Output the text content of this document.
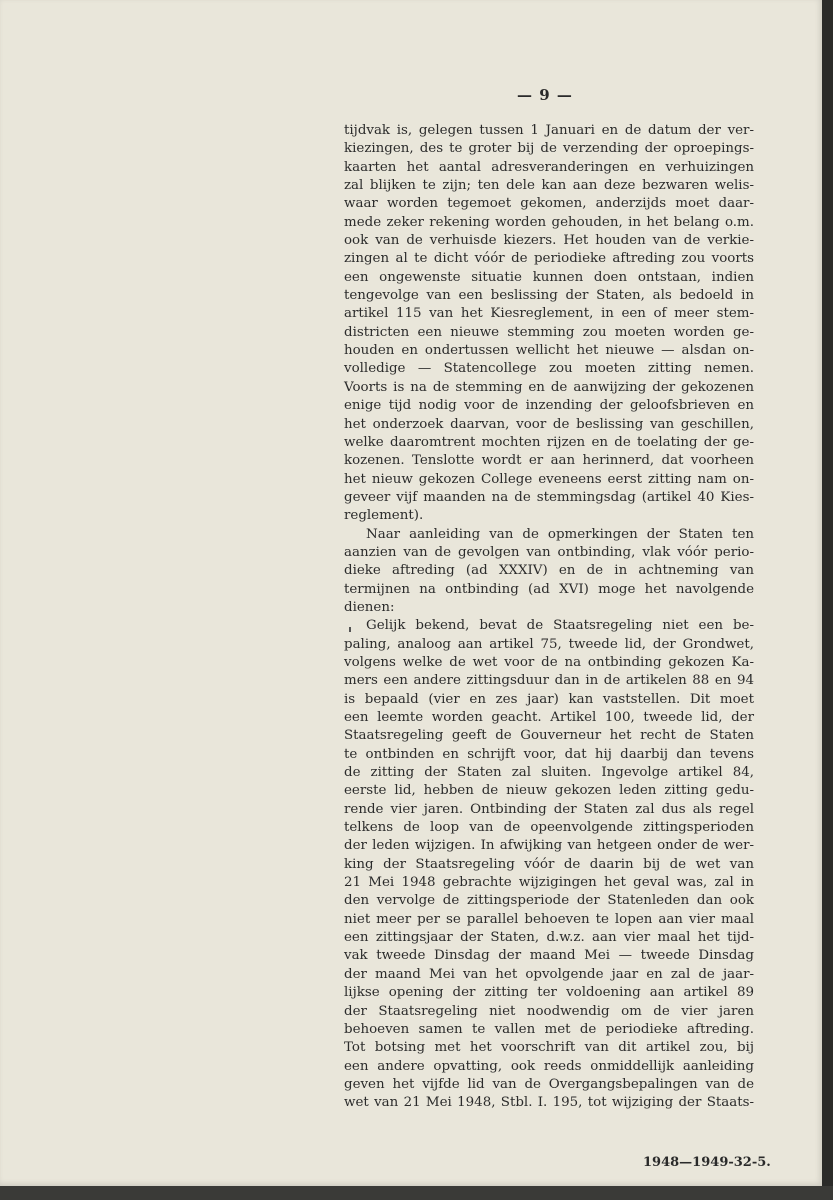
— 9 —
tijdvak is, gelegen tussen 1 Januari en de datum der ver-
kiezingen, des te groter bij de verzending der oproepings-
kaarten het aantal adresveranderingen en verhuizingen
zal blijken te zijn; ten dele kan aan deze bezwaren welis-
waar worden tegemoet gekomen, anderzijds moet daar-
mede zeker rekening worden gehouden, in het belang o.m.
ook van de verhuisde kiezers. Het houden van de verkie-
zingen al te dicht vóór de periodieke aftreding zou voorts
een ongewenste situatie kunnen doen ontstaan, indien
tengevolge van een beslissing der Staten, als bedoeld in
artikel 115 van het Kiesreglement, in een of meer stem-
districten een nieuwe stemming zou moeten worden ge-
houden en ondertussen wellicht het nieuwe — alsdan on-
volledige — Statencollege zou moeten zitting nemen.
Voorts is na de stemming en de aanwijzing der gekozenen
enige tijd nodig voor de inzending der geloofsbrieven en
het onderzoek daarvan, voor de beslissing van geschillen,
welke daaromtrent mochten rijzen en de toelating der ge-
kozenen. Tenslotte wordt er aan herinnerd, dat voorheen
het nieuw gekozen College eveneens eerst zitting nam on-
geveer vijf maanden na de stemmingsdag (artikel 40 Kies-
reglement).
Naar aanleiding van de opmerkingen der Staten ten
aanzien van de gevolgen van ontbinding, vlak vóór perio-
dieke aftreding (ad XXXIV) en de in achtneming van
termijnen na ontbinding (ad XVI) moge het navolgende
dienen:
Gelijk bekend, bevat de Staatsregeling niet een be-
paling, analoog aan artikel 75, tweede lid, der Grondwet,
volgens welke de wet voor de na ontbinding gekozen Ka-
mers een andere zittingsduur dan in de artikelen 88 en 94
is bepaald (vier en zes jaar) kan vaststellen. Dit moet
een leemte worden geacht. Artikel 100, tweede lid, der
Staatsregeling geeft de Gouverneur het recht de Staten
te ontbinden en schrijft voor, dat hij daarbij dan tevens
de zitting der Staten zal sluiten. Ingevolge artikel 84,
eerste lid, hebben de nieuw gekozen leden zitting gedu-
rende vier jaren. Ontbinding der Staten zal dus als regel
telkens de loop van de opeenvolgende zittingsperioden
der leden wijzigen. In afwijking van hetgeen onder de wer-
king der Staatsregeling vóór de daarin bij de wet van
21 Mei 1948 gebrachte wijzigingen het geval was, zal in
den vervolge de zittingsperiode der Statenleden dan ook
niet meer per se parallel behoeven te lopen aan vier maal
een zittingsjaar der Staten, d.w.z. aan vier maal het tijd-
vak tweede Dinsdag der maand Mei — tweede Dinsdag
der maand Mei van het opvolgende jaar en zal de jaar-
lijkse opening der zitting ter voldoening aan artikel 89
der Staatsregeling niet noodwendig om de vier jaren
behoeven samen te vallen met de periodieke aftreding.
Tot botsing met het voorschrift van dit artikel zou, bij
een andere opvatting, ook reeds onmiddellijk aanleiding
geven het vijfde lid van de Overgangsbepalingen van de
wet van 21 Mei 1948, Stbl. I. 195, tot wijziging der Staats-
1948—1949-32-5.
